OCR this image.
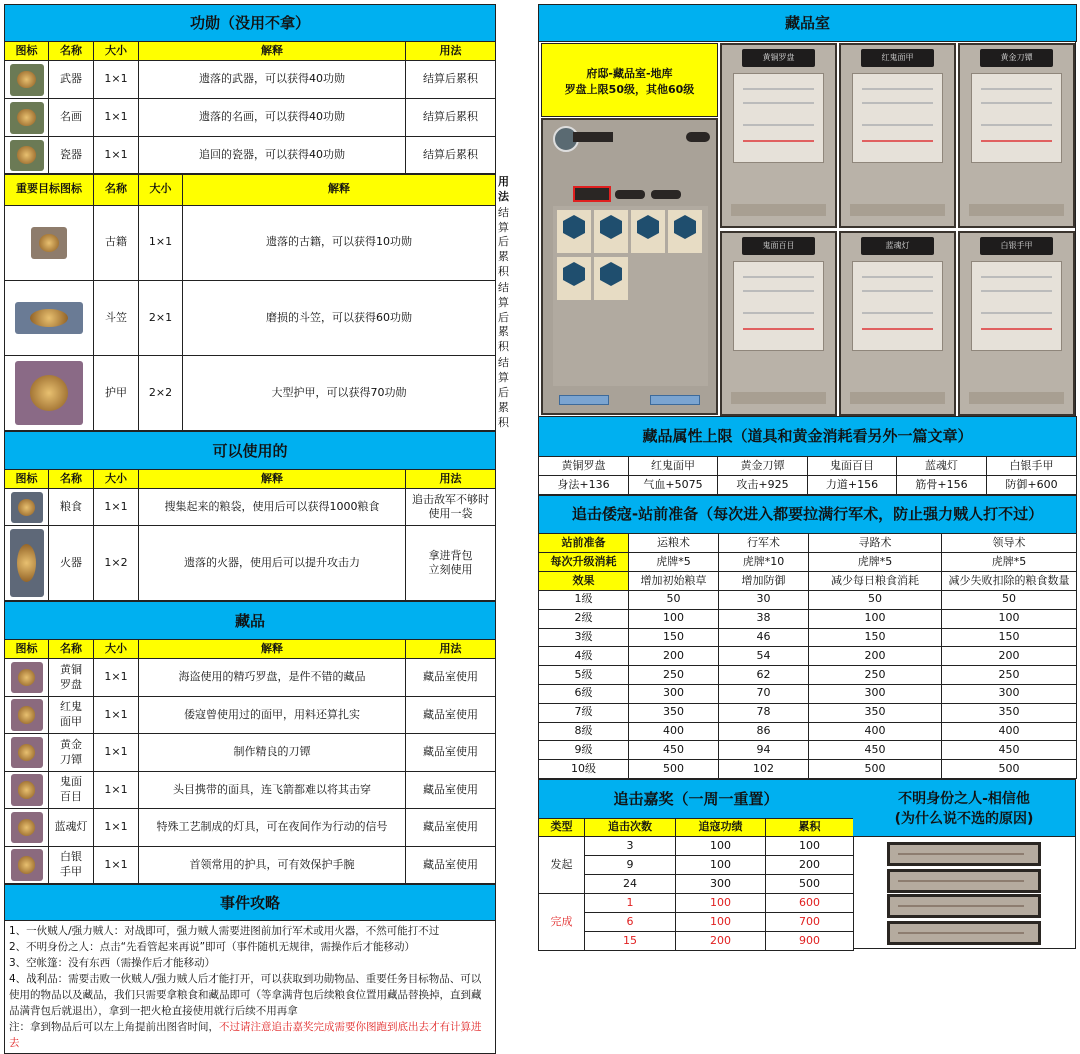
功勋（没用不拿）				
图标	名称	大小	解释	用法
	武器	1×1	遗落的武器，可以获得40功勋	结算后累积
	名画	1×1	遗落的名画，可以获得40功勋	结算后累积
	瓷器	1×1	追回的瓷器，可以获得40功勋	结算后累积
重要目标图标	名称	大小	解释	用法
	古籍	1×1	遗落的古籍，可以获得10功勋	结算后累积
	斗笠	2×1	磨损的斗笠，可以获得60功勋	结算后累积
	护甲	2×2	大型护甲，可以获得70功勋	结算后累积
可以使用的				
图标	名称	大小	解释	用法
	粮食	1×1	搜集起来的粮袋，使用后可以获得1000粮食	追击敌军不够时
使用一袋
	火器	1×2	遗落的火器，使用后可以提升攻击力	拿进背包
立刻使用
藏品				
图标	名称	大小	解释	用法
	黄铜
罗盘	1×1	海盗使用的精巧罗盘，是件不错的藏品	藏品室使用
	红鬼
面甲	1×1	倭寇曾使用过的面甲，用料还算扎实	藏品室使用
	黄金
刀镡	1×1	制作精良的刀镡	藏品室使用
	鬼面
百目	1×1	头目携带的面具，连飞箭都难以将其击穿	藏品室使用
	蓝魂灯	1×1	特殊工艺制成的灯具，可在夜间作为行动的信号	藏品室使用
	白银
手甲	1×1	首领常用的护具，可有效保护手腕	藏品室使用
事件攻略

1、一伙贼人/强力贼人：对战即可，强力贼人需要进图前加行军术或用火器，不然可能打不过
2、不明身份之人：点击“先看管起来再说”即可（事件随机无规律，需操作后才能移动）
3、空帐篷：没有东西（需操作后才能移动）
4、战利品：需要击败一伙贼人/强力贼人后才能打开，可以获取到功勋物品、重要任务目标物品、可以使用的物品以及藏品，我们只需要拿粮食和藏品即可（等拿满背包后续粮食位置用藏品替换掉，直到藏品满背包后就退出），拿到一把火枪直接使用就行后续不用再拿
注：拿到物品后可以左上角提前出图省时间，不过请注意追击嘉奖完成需要你图跑到底出去才有计算进去
藏品室
府邸-藏品室-地库
罗盘上限50级，其他60级
黄铜罗盘	红鬼面甲	黄金刀镡
鬼面百目	蓝魂灯	白银手甲
藏品属性上限（道具和黄金消耗看另外一篇文章）					
黄铜罗盘	红鬼面甲	黄金刀镡	鬼面百目	蓝魂灯	白银手甲
身法+136	气血+5075	攻击+925	力道+156	筋骨+156	防御+600
追击倭寇-站前准备（每次进入都要拉满行军术，防止强力贼人打不过）				
站前准备	运粮术	行军术	寻路术	领导术
每次升级消耗	虎牌*5	虎牌*10	虎牌*5	虎牌*5
效果	增加初始粮草	增加防御	减少每日粮食消耗	减少失败扣除的粮食数量
1级	50	30	50	50
2级	100	38	100	100
3级	150	46	150	150
4级	200	54	200	200
5级	250	62	250	250
6级	300	70	300	300
7级	350	78	350	350
8级	400	86	400	400
9级	450	94	450	450
10级	500	102	500	500
追击嘉奖（一周一重置）			
类型	追击次数	追寇功绩	累积
发起	3	100	100
	9	100	200
	24	300	500
完成	1	100	600
	6	100	700
	15	200	900
不明身份之人-相信他
(为什么说不选的原因)
